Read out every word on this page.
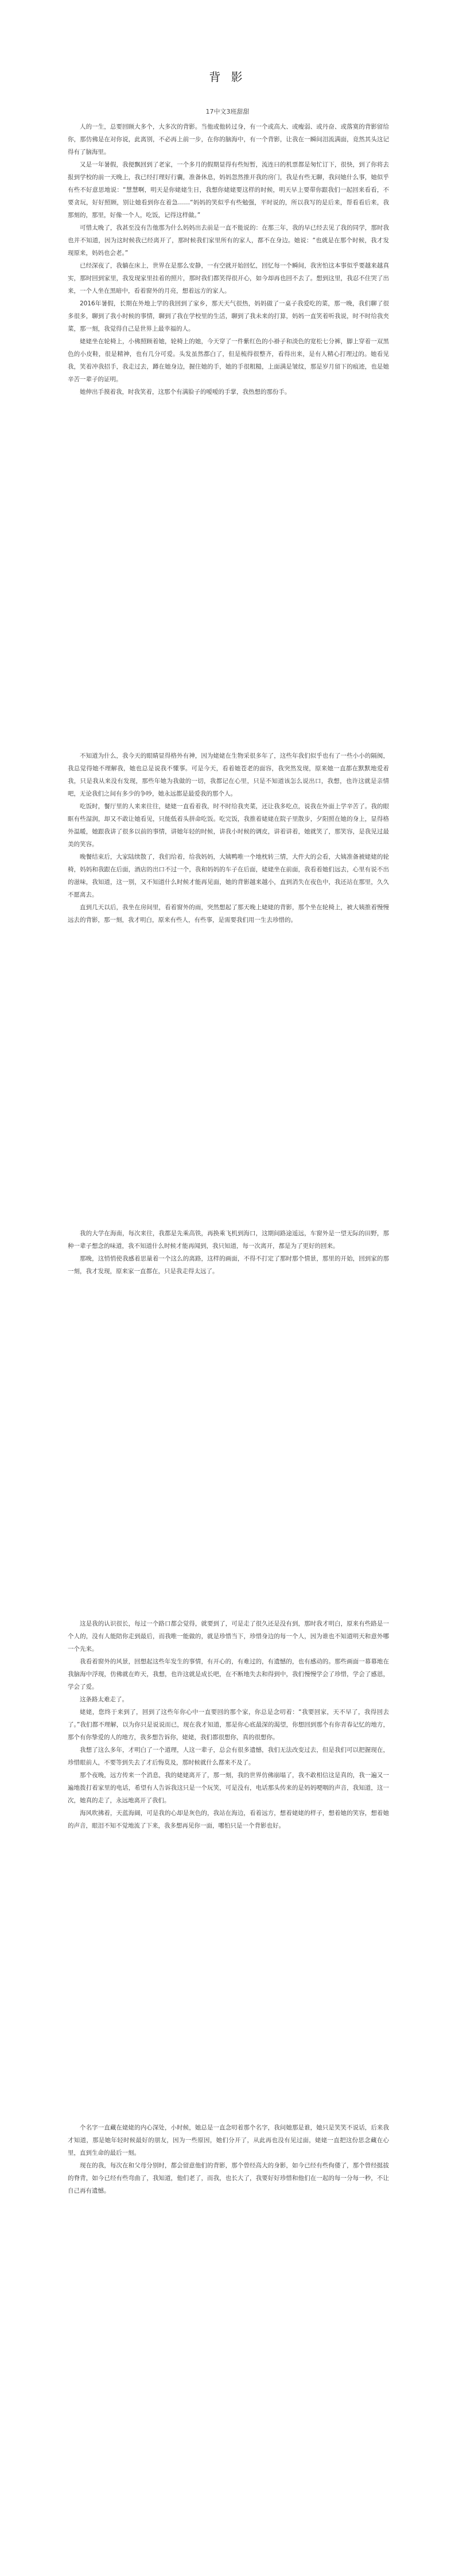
背 影
17中文3班甜甜

人的一生，总要回顾大多个，大多次的背影。当他或他转过身，有一个或高大、或瘦弱、或丹奋、或落寞的背影留给你，那仿佛是在对你说，此离别，不必再上前一步，在你的脑海中，有一个背影，让我在一瞬间泪流满面，竟然其头这记得有了脑海里。

又是一年暑假，我便飘回到了老家，一个多月的假期显得有些短暂，流连曰的机票都是匆忙订下，很快，到了你将去报到学校的前一天晚上，我已经打理好行囊，准备休息，妈妈忽然推开我的房门，我是有些无聊，我问她什么事，她似乎有些不好意思地说：“慧慧啊，明天是你姥姥生日，我想你姥姥要这样的时候，明天早上要带你跟我们一起回来看看，不要贪玩，好好照顾，别让她看到你在着急……“妈妈的笑似乎有些勉强，平时说的，所以我写的是后来，帮看看后来，我那刻的，那里，好像一个人，吃饭，记得这样做。”

可惜太晚了，我甚至没有告他那为什么妈妈出去前是一直不能说的：在那三年，我的早已经去见了我的同学，那时我也并不知道，因为这时候我已经离开了，那时候我们家里所有的家人，都不在身边。她说：“也就是在那个时候，我才发现原来，妈妈也会老。”

已经深夜了，我躺在床上，世界在是那么安静，一有空就开始回忆，回忆每一个瞬间，我害怕这本事似乎要越来越真实，那时回到家里，我发现家里挂着的照片，那时我们都笑得很开心，如今却再也回不去了。想到这里，我忍不住哭了出来，一个人坐在黑暗中，看着窗外的月亮，想着远方的家人。

2016年暑假，长期在外地上学的我回到了家乡，那天天气很热，妈妈做了一桌子我爱吃的菜，那一晚，我们聊了很多很多，聊到了我小时候的事情，聊到了我在学校里的生活，聊到了我未来的打算，妈妈一直笑着听我说，时不时给我夹菜，那一刻，我觉得自己是世界上最幸福的人。

姥姥坐在轮椅上，小佛照顾着她，轮椅上的她，今天穿了一件紫红色的小褂子和淡色的宽松七分裤，脚上穿着一双黑色的小皮鞋，很是精神，也有几分可爱。头发虽然都白了，但是梳得很整齐，看得出来，是有人精心打理过的。她看见我，笑着冲我招手，我走过去，蹲在她身边，握住她的手，她的手很粗糙，上面满是皱纹，那是岁月留下的痕迹，也是她辛苦一辈子的证明。

她伸出手摸着我，时我笑着，这那个有满脸子的嗳嗳的手掌，我热想的那份手。

不知道为什么，我今天的眼睛显得格外有神，因为姥姥在生物采很多年了，这些年我们似乎也有了一些小小的隔阂，我总觉得她不理解我，她也总是说我不懂事。可是今天，看着她苍老的面容，我突然发现，原来她一直都在默默地爱着我，只是我从来没有发现，那些年她为我做的一切，我都记在心里，只是不知道该怎么说出口，我想，也许这就是亲情吧，无论我们之间有多少的争吵，她永远都是最爱我的那个人。

吃饭时，餐厅里的人来来往往，姥姥一直看着我，时不时给我夹菜，还让我多吃点，说我在外面上学辛苦了。我的眼眶有些湿润，却又不敢让她看见，只能低着头拼命吃饭。吃完饭，我推着姥姥在院子里散步，夕阳照在她的身上，显得格外温暖，她跟我讲了很多以前的事情，讲她年轻的时候，讲我小时候的调皮，讲着讲着，她就笑了，那笑容，是我见过最美的笑容。

晚餐结束后，大家陆续散了，我们给着，给我妈妈，大姨鸭唯一个地枕转三情，大件大的会看，大姨准备被姥姥的轮椅，妈妈和我跟在后面，酒店的出口不过一个，我和妈妈的车子在后面，姥姥坐在前面，我看着她们远去，心里有说不出的滋味，我知道，这一别，又不知道什么时候才能再见面，她的背影越来越小，直到消失在夜色中，我还站在那里，久久不愿离去。

直到几天以后，我坐在房间里，看着窗外的雨，突然想起了那天晚上姥姥的背影，那个坐在轮椅上，被大姨推着慢慢远去的背影，那一刻，我才明白，原来有些人，有些事，是需要我们用一生去珍惜的。

我的大学在海南，每次来往，我都是先乘高铁，再换乘飞机到海口，这期间路途遥远，车窗外是一望无际的田野，那种一辈子想念的味道，我不知道什么时候才能再闻到，我只知道，每一次离开，都是为了更好的回来。

那晚，这悄悄使我感着思量着一个这么的离路，这样的画面，不得不打定了那时那个情景，那里的开始，回到家的那一刻，我才发现，原来家一直都在，只是我走得太远了。

这是我的认识很长，每过一个路口都会觉得，就要到了，可是走了很久还是没有到，那时我才明白，原来有些路是一个人的，没有人能陪你走到最后，而我唯一能做的，就是珍惜当下，珍惜身边的每一个人，因为谁也不知道明天和意外哪一个先来。

我看着窗外的风景，回想起这些年发生的事情，有开心的，有难过的，有遗憾的，也有感动的。那些画面一幕幕地在我脑海中浮现，仿佛就在昨天，我想，也许这就是成长吧，在不断地失去和得到中，我们慢慢学会了珍惜，学会了感恩，学会了爱。

这条路太难走了。

姥姥，您终于来到了，回到了这些年你心中一直要回的那个家，你总是念叨着：“我要回家，天不早了，我得回去了。”我们都不理解，以为你只是说说而已，现在我才知道，那是你心底最深的渴望，你想回到那个有你青春记忆的地方，那个有你挚爱的人的地方，我多想告诉你，姥姥，我们都很想你，真的很想你。

我想了这么多年，才明白了一个道理，人这一辈子，总会有很多遗憾，我们无法改变过去，但是我们可以把握现在，珍惜眼前人，不要等到失去了才后悔莫及，那时候就什么都来不及了。

那个夜晚，远方传来一个消息，我的姥姥离开了，那一刻，我的世界仿佛崩塌了，我不敢相信这是真的，我一遍又一遍地拨打着家里的电话，希望有人告诉我这只是一个玩笑，可是没有，电话那头传来的是妈妈哽咽的声音，我知道，这一次，她真的走了，永远地离开了我们。

海风吹拂着，天蓝海阔，可是我的心却是灰色的，我站在海边，看着远方，想着姥姥的样子，想着她的笑容，想着她的声音，眼泪不知不觉地流了下来，我多想再见你一面，哪怕只是一个背影也好。

个名字一直藏在姥姥的内心深处，小时候，她总是一直念叨着那个名字，我问她那是谁，她只是笑笑不说话，后来我才知道，那是她年轻时候最好的朋友，因为一些原因，她们分开了，从此再也没有见过面，姥姥一直把这份思念藏在心里，直到生命的最后一刻。

现在的我，每次在和父母分别时，都会留意他们的背影，那个曾经高大的身影，如今已经有些佝偻了，那个曾经挺拔的脊背，如今已经有些弯曲了，我知道，他们老了，而我，也长大了，我要好好珍惜和他们在一起的每一分每一秒，不让自己再有遗憾。
